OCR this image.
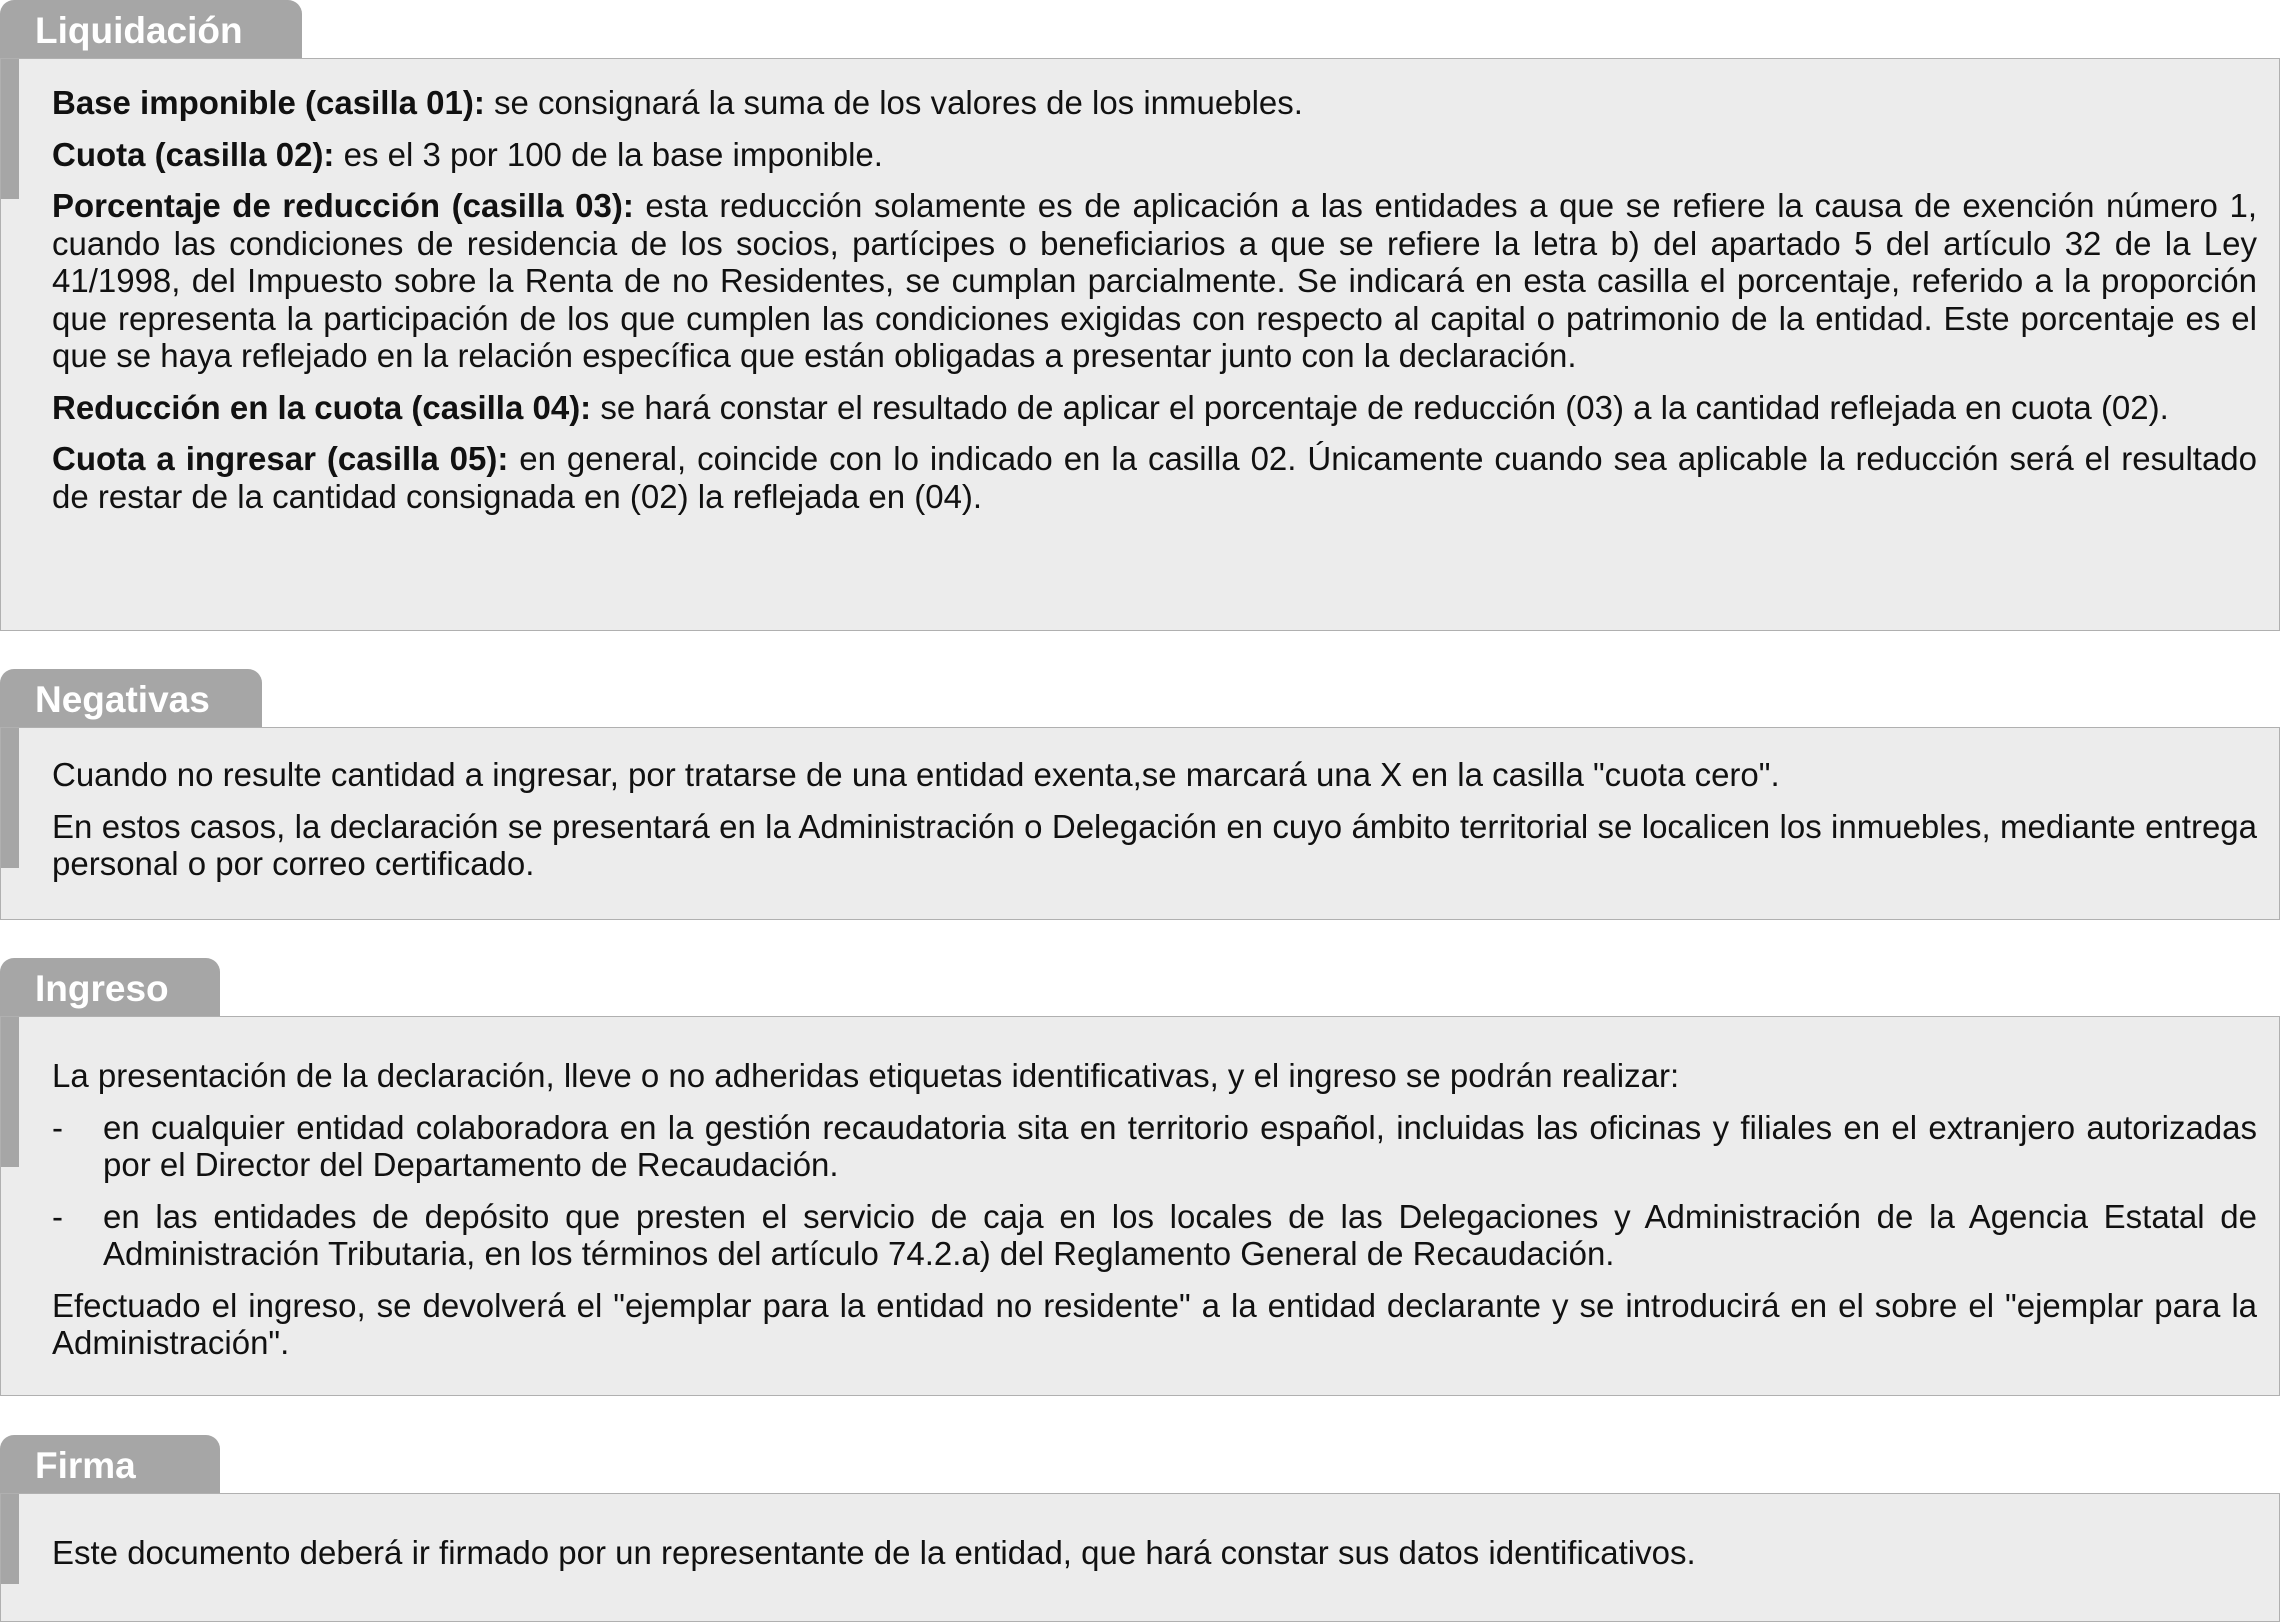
Liquidación

Base imponible (casilla 01): se consignará la suma de los valores de los inmuebles.

Cuota (casilla 02): es el 3 por 100 de la base imponible.

Porcentaje de reducción (casilla 03): esta reducción solamente es de aplicación a las entidades a que se refiere la causa de exención número 1, cuando las condiciones de residencia de los socios, partícipes o beneficiarios a que se refiere la letra b) del apartado 5 del artículo 32 de la Ley 41/1998, del Impuesto sobre la Renta de no Residentes, se cumplan parcialmente. Se indicará en esta casilla el porcentaje, referido a la proporción que representa la participación de los que cumplen las condiciones exigidas con respecto al capital o patrimonio de la entidad. Este porcentaje es el que se haya reflejado en la relación específica que están obligadas a presentar junto con la declaración.

Reducción en la cuota (casilla 04): se hará constar el resultado de aplicar el porcentaje de reducción (03) a la cantidad reflejada en cuota (02).

Cuota a ingresar (casilla 05): en general, coincide con lo indicado en la casilla 02. Únicamente cuando sea aplicable la reducción será el resultado de restar de la cantidad consignada en (02) la reflejada en (04).

Negativas

Cuando no resulte cantidad a ingresar, por tratarse de una entidad exenta,se marcará una X en la casilla "cuota cero".

En estos casos, la declaración se presentará en la Administración o Delegación en cuyo ámbito territorial se localicen los inmuebles, mediante entrega personal o por correo certificado.

Ingreso

La presentación de la declaración, lleve o no adheridas etiquetas identificativas, y el ingreso se podrán realizar:

- en cualquier entidad colaboradora en la gestión recaudatoria sita en territorio español, incluidas las oficinas y filiales en el extranjero autorizadas por el Director del Departamento de Recaudación.
- en las entidades de depósito que presten el servicio de caja en los locales de las Delegaciones y Administración de la Agencia Estatal de Administración Tributaria, en los términos del artículo 74.2.a) del Reglamento General de Recaudación.

Efectuado el ingreso, se devolverá el "ejemplar para la entidad no residente" a la entidad declarante y se introducirá en el sobre el "ejemplar para la Administración".

Firma

Este documento deberá ir firmado por un representante de la entidad, que hará constar sus datos identificativos.
